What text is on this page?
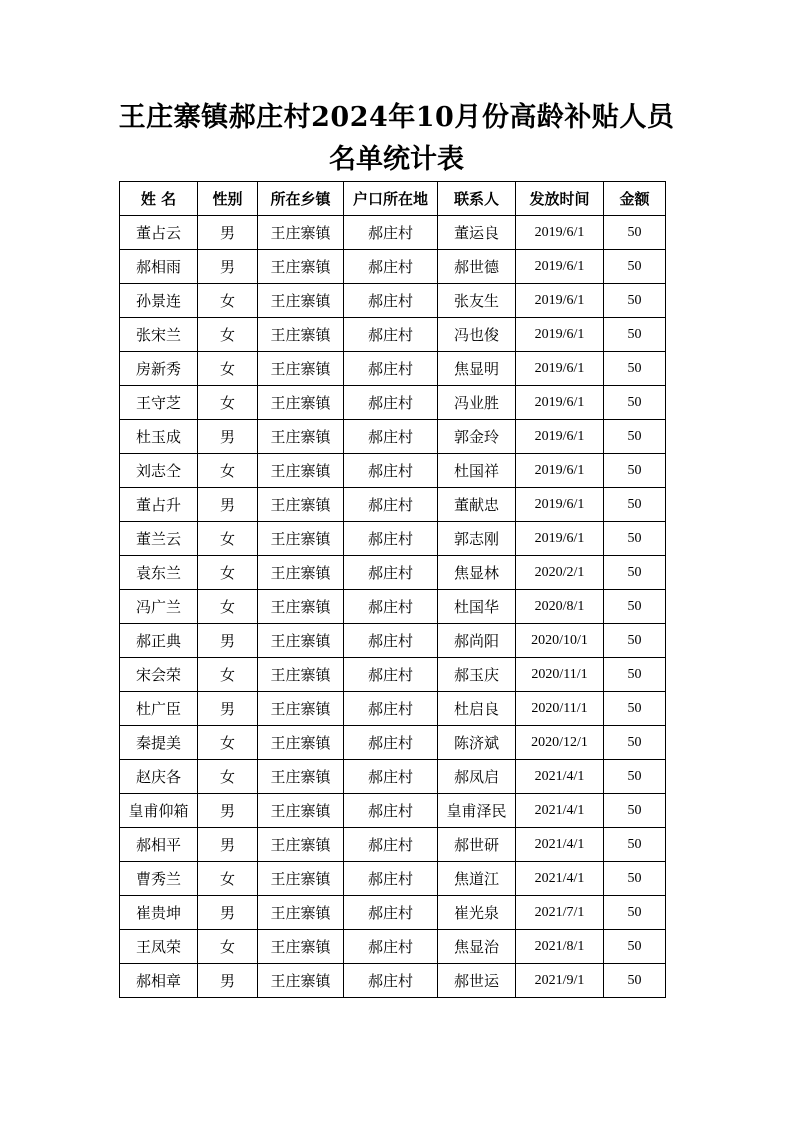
王庄寨镇郝庄村2024年10月份高龄补贴人员
名单统计表
姓 名	性别	所在乡镇	户口所在地	联系人	发放时间	金额
董占云	男	王庄寨镇	郝庄村	董运良	2019/6/1	50
郝相雨	男	王庄寨镇	郝庄村	郝世德	2019/6/1	50
孙景连	女	王庄寨镇	郝庄村	张友生	2019/6/1	50
张宋兰	女	王庄寨镇	郝庄村	冯也俊	2019/6/1	50
房新秀	女	王庄寨镇	郝庄村	焦显明	2019/6/1	50
王守芝	女	王庄寨镇	郝庄村	冯业胜	2019/6/1	50
杜玉成	男	王庄寨镇	郝庄村	郭金玲	2019/6/1	50
刘志仝	女	王庄寨镇	郝庄村	杜国祥	2019/6/1	50
董占升	男	王庄寨镇	郝庄村	董献忠	2019/6/1	50
董兰云	女	王庄寨镇	郝庄村	郭志刚	2019/6/1	50
袁东兰	女	王庄寨镇	郝庄村	焦显林	2020/2/1	50
冯广兰	女	王庄寨镇	郝庄村	杜国华	2020/8/1	50
郝正典	男	王庄寨镇	郝庄村	郝尚阳	2020/10/1	50
宋会荣	女	王庄寨镇	郝庄村	郝玉庆	2020/11/1	50
杜广臣	男	王庄寨镇	郝庄村	杜启良	2020/11/1	50
秦提美	女	王庄寨镇	郝庄村	陈济斌	2020/12/1	50
赵庆各	女	王庄寨镇	郝庄村	郝凤启	2021/4/1	50
皇甫仰箱	男	王庄寨镇	郝庄村	皇甫泽民	2021/4/1	50
郝相平	男	王庄寨镇	郝庄村	郝世研	2021/4/1	50
曹秀兰	女	王庄寨镇	郝庄村	焦道江	2021/4/1	50
崔贵坤	男	王庄寨镇	郝庄村	崔光泉	2021/7/1	50
王凤荣	女	王庄寨镇	郝庄村	焦显治	2021/8/1	50
郝相章	男	王庄寨镇	郝庄村	郝世运	2021/9/1	50
